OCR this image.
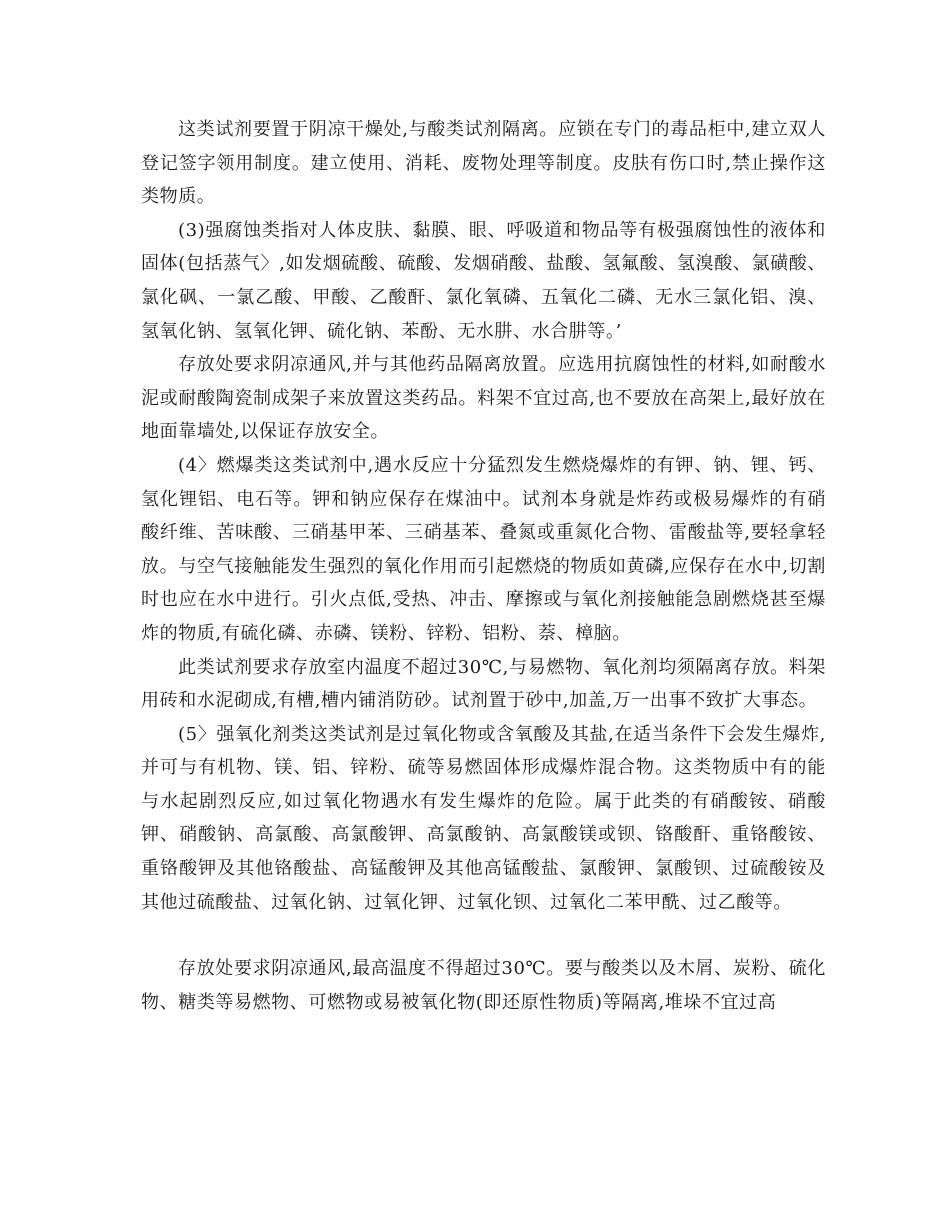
这类试剂要置于阴凉干燥处,与酸类试剂隔离。应锁在专门的毒品柜中,建立双人登记签字领用制度。建立使用、消耗、废物处理等制度。皮肤有伤口时,禁止操作这类物质。

(3)强腐蚀类指对人体皮肤、黏膜、眼、呼吸道和物品等有极强腐蚀性的液体和固体(包括蒸气〉,如发烟硫酸、硫酸、发烟硝酸、盐酸、氢氟酸、氢溴酸、氯磺酸、氯化砜、一氯乙酸、甲酸、乙酸酐、氯化氧磷、五氧化二磷、无水三氯化铝、溴、氢氧化钠、氢氧化钾、硫化钠、苯酚、无水肼、水合肼等。’

存放处要求阴凉通风,并与其他药品隔离放置。应选用抗腐蚀性的材料,如耐酸水泥或耐酸陶瓷制成架子来放置这类药品。料架不宜过高,也不要放在高架上,最好放在地面靠墙处,以保证存放安全。

(4〉燃爆类这类试剂中,遇水反应十分猛烈发生燃烧爆炸的有钾、钠、锂、钙、氢化锂铝、电石等。钾和钠应保存在煤油中。试剂本身就是炸药或极易爆炸的有硝酸纤维、苦味酸、三硝基甲苯、三硝基苯、叠氮或重氮化合物、雷酸盐等,要轻拿轻放。与空气接触能发生强烈的氧化作用而引起燃烧的物质如黄磷,应保存在水中,切割时也应在水中进行。引火点低,受热、冲击、摩擦或与氧化剂接触能急剧燃烧甚至爆炸的物质,有硫化磷、赤磷、镁粉、锌粉、铝粉、萘、樟脑。

此类试剂要求存放室内温度不超过30℃,与易燃物、氧化剂均须隔离存放。料架用砖和水泥砌成,有槽,槽内铺消防砂。试剂置于砂中,加盖,万一出事不致扩大事态。

(5〉强氧化剂类这类试剂是过氧化物或含氧酸及其盐,在适当条件下会发生爆炸,并可与有机物、镁、铝、锌粉、硫等易燃固体形成爆炸混合物。这类物质中有的能与水起剧烈反应,如过氧化物遇水有发生爆炸的危险。属于此类的有硝酸铵、硝酸钾、硝酸钠、高氯酸、高氯酸钾、高氯酸钠、高氯酸镁或钡、铬酸酐、重铬酸铵、重铬酸钾及其他铬酸盐、高锰酸钾及其他高锰酸盐、氯酸钾、氯酸钡、过硫酸铵及其他过硫酸盐、过氧化钠、过氧化钾、过氧化钡、过氧化二苯甲酰、过乙酸等。

存放处要求阴凉通风,最高温度不得超过30℃。要与酸类以及木屑、炭粉、硫化物、糖类等易燃物、可燃物或易被氧化物(即还原性物质)等隔离,堆垛不宜过高
